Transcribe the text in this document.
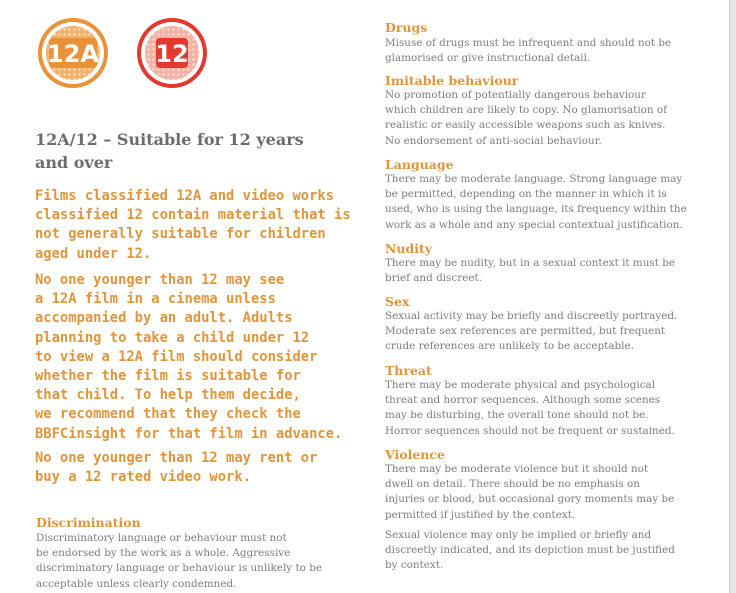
12A 12
12A/12 – Suitable for 12 years
and over
Films classified 12A and video works
classified 12 contain material that is
not generally suitable for children
aged under 12.
No one younger than 12 may see
a 12A film in a cinema unless
accompanied by an adult. Adults
planning to take a child under 12
to view a 12A film should consider
whether the film is suitable for
that child. To help them decide,
we recommend that they check the
BBFCinsight for that film in advance.
No one younger than 12 may rent or
buy a 12 rated video work.
Discrimination
Discriminatory language or behaviour must not
be endorsed by the work as a whole. Aggressive
discriminatory language or behaviour is unlikely to be
acceptable unless clearly condemned.
Drugs
Misuse of drugs must be infrequent and should not be
glamorised or give instructional detail.
Imitable behaviour
No promotion of potentially dangerous behaviour
which children are likely to copy. No glamorisation of
realistic or easily accessible weapons such as knives.
No endorsement of anti-social behaviour.
Language
There may be moderate language. Strong language may
be permitted, depending on the manner in which it is
used, who is using the language, its frequency within the
work as a whole and any special contextual justification.
Nudity
There may be nudity, but in a sexual context it must be
brief and discreet.
Sex
Sexual activity may be briefly and discreetly portrayed.
Moderate sex references are permitted, but frequent
crude references are unlikely to be acceptable.
Threat
There may be moderate physical and psychological
threat and horror sequences. Although some scenes
may be disturbing, the overall tone should not be.
Horror sequences should not be frequent or sustained.
Violence
There may be moderate violence but it should not
dwell on detail. There should be no emphasis on
injuries or blood, but occasional gory moments may be
permitted if justified by the context.
Sexual violence may only be implied or briefly and
discreetly indicated, and its depiction must be justified
by context.
